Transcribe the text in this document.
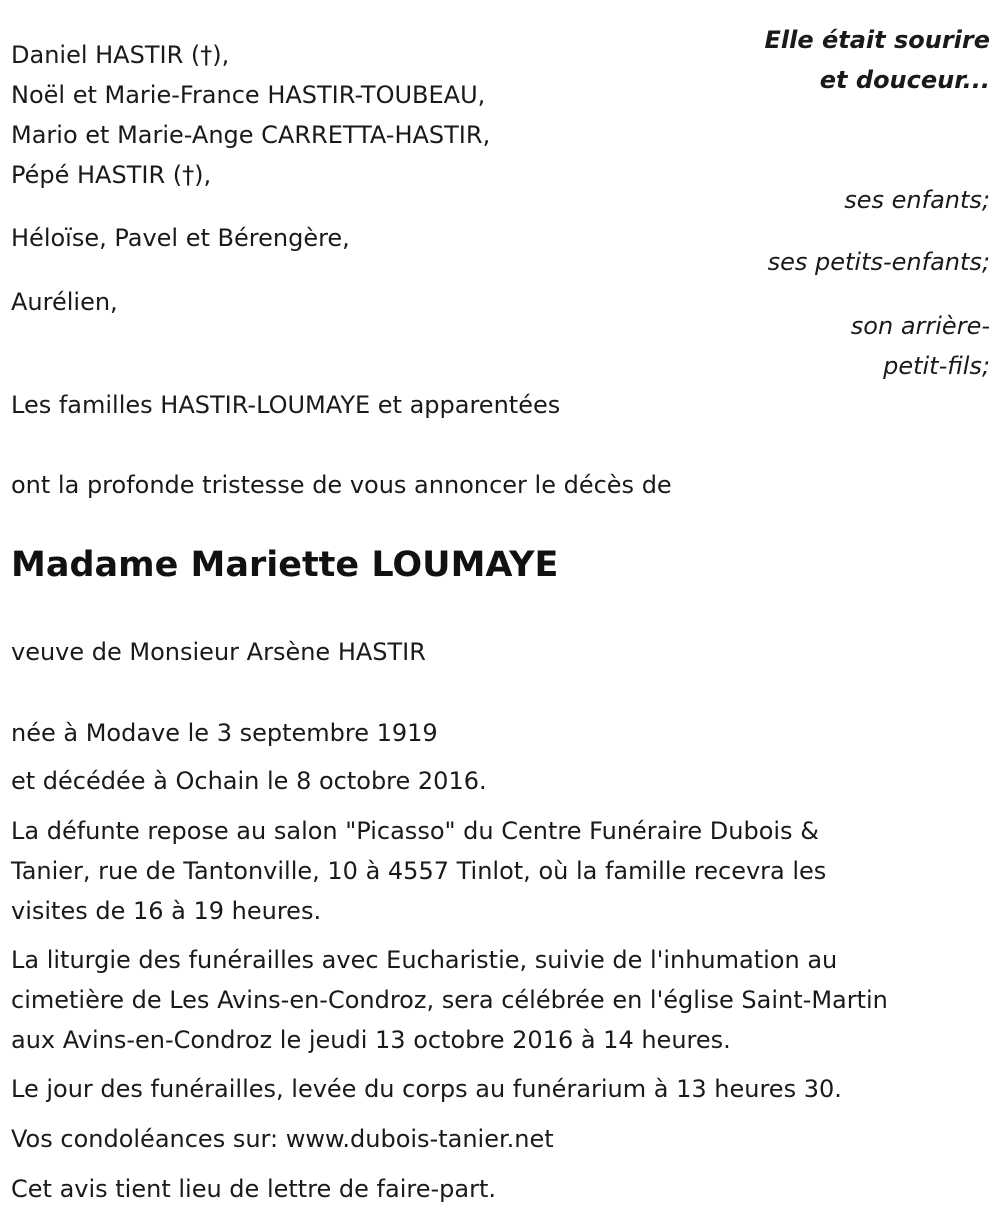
Elle était sourire

et douceur...

Daniel HASTIR (†),

Noël et Marie-France HASTIR-TOUBEAU,

Mario et Marie-Ange CARRETTA-HASTIR,

Pépé HASTIR (†),

ses enfants;

Héloïse, Pavel et Bérengère,

ses petits-enfants;

Aurélien,

son arrière-

petit-fils;

Les familles HASTIR-LOUMAYE et apparentées

ont la profonde tristesse de vous annoncer le décès de

Madame Mariette LOUMAYE

veuve de Monsieur Arsène HASTIR

née à Modave le 3 septembre 1919

et décédée à Ochain le 8 octobre 2016.

La défunte repose au salon "Picasso" du Centre Funéraire Dubois &

Tanier, rue de Tantonville, 10 à 4557 Tinlot, où la famille recevra les

visites de 16 à 19 heures.

La liturgie des funérailles avec Eucharistie, suivie de l'inhumation au

cimetière de Les Avins-en-Condroz, sera célébrée en l'église Saint-Martin

aux Avins-en-Condroz le jeudi 13 octobre 2016 à 14 heures.

Le jour des funérailles, levée du corps au funérarium à 13 heures 30.

Vos condoléances sur: www.dubois-tanier.net

Cet avis tient lieu de lettre de faire-part.
